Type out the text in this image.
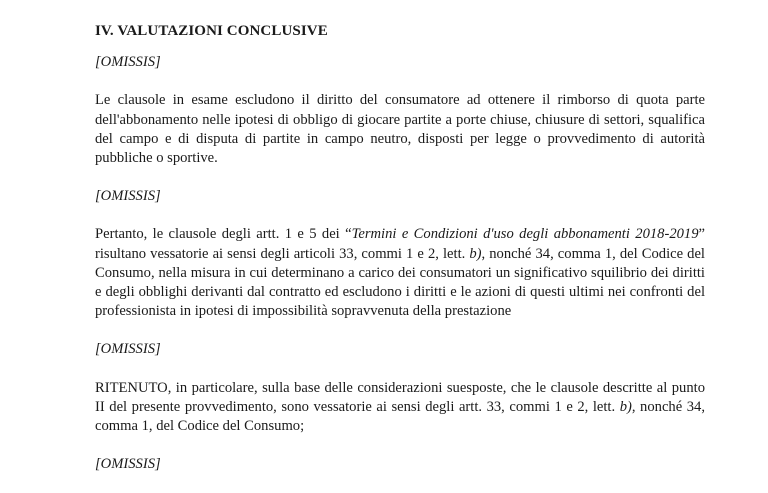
IV. VALUTAZIONI CONCLUSIVE
[OMISSIS]
Le clausole in esame escludono il diritto del consumatore ad ottenere il rimborso di quota parte dell'abbonamento nelle ipotesi di obbligo di giocare partite a porte chiuse, chiusure di settori, squalifica del campo e di disputa di partite in campo neutro, disposti per legge o provvedimento di autorità pubbliche o sportive.
[OMISSIS]
Pertanto, le clausole degli artt. 1 e 5 dei “Termini e Condizioni d'uso degli abbonamenti 2018-2019” risultano vessatorie ai sensi degli articoli 33, commi 1 e 2, lett. b), nonché 34, comma 1, del Codice del Consumo, nella misura in cui determinano a carico dei consumatori un significativo squilibrio dei diritti e degli obblighi derivanti dal contratto ed escludono i diritti e le azioni di questi ultimi nei confronti del professionista in ipotesi di impossibilità sopravvenuta della prestazione
[OMISSIS]
RITENUTO, in particolare, sulla base delle considerazioni suesposte, che le clausole descritte al punto II del presente provvedimento, sono vessatorie ai sensi degli artt. 33, commi 1 e 2, lett. b), nonché 34, comma 1, del Codice del Consumo;
[OMISSIS]
